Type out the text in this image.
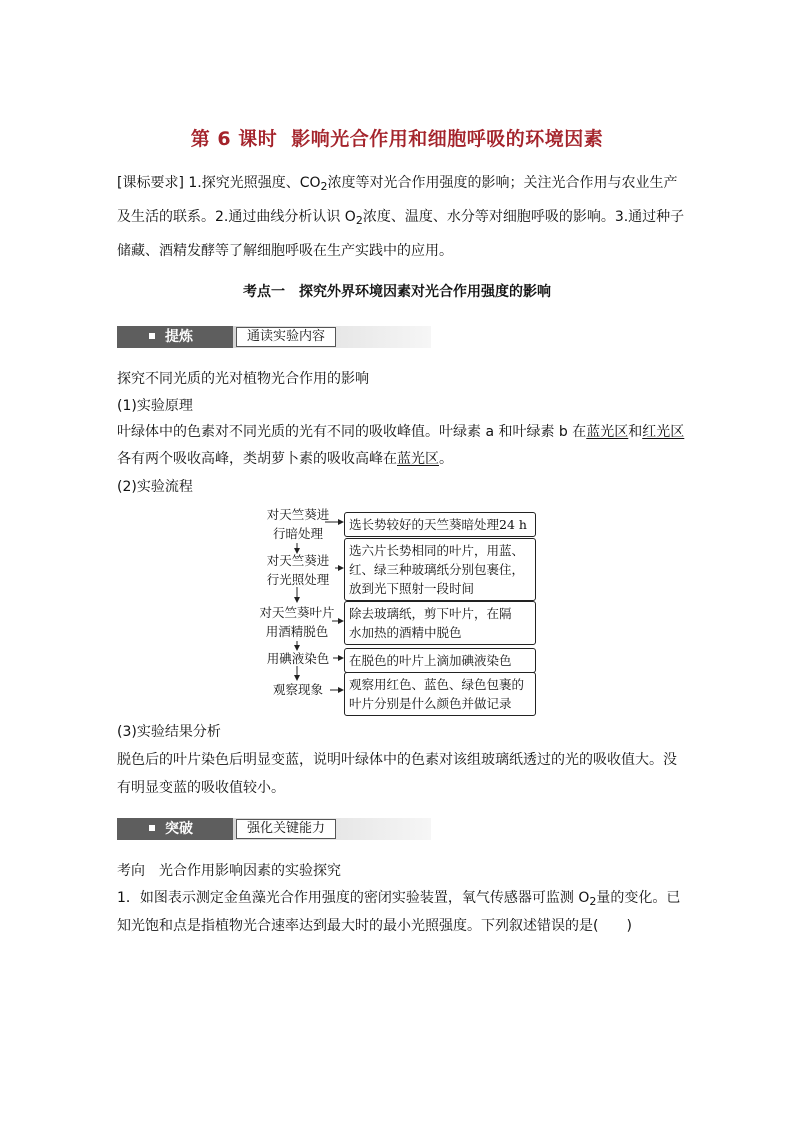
第 6 课时 影响光合作用和细胞呼吸的环境因素
[课标要求] 1.探究光照强度、$CO_2$浓度等对光合作用强度的影响；关注光合作用与农业生产
及生活的联系。2.通过曲线分析认识 $O_2$浓度、温度、水分等对细胞呼吸的影响。3.通过种子
储藏、酒精发酵等了解细胞呼吸在生产实践中的应用。
考点一 探究外界环境因素对光合作用强度的影响
提炼	通读实验内容
探究不同光质的光对植物光合作用的影响
(1)实验原理
叶绿体中的色素对不同光质的光有不同的吸收峰值。叶绿素 a 和叶绿素 b 在蓝光区和红光区
各有两个吸收高峰，类胡萝卜素的吸收高峰在蓝光区。
(2)实验流程
对天竺葵进
行暗处理
对天竺葵进
行光照处理
对天竺葵叶片
用酒精脱色
用碘液染色
观察现象
选长势较好的天竺葵暗处理24 h
选六片长势相同的叶片，用蓝、
红、绿三种玻璃纸分别包裹住，
放到光下照射一段时间
除去玻璃纸，剪下叶片，在隔
水加热的酒精中脱色
在脱色的叶片上滴加碘液染色
观察用红色、蓝色、绿色包裹的
叶片分别是什么颜色并做记录
(3)实验结果分析
脱色后的叶片染色后明显变蓝，说明叶绿体中的色素对该组玻璃纸透过的光的吸收值大。没
有明显变蓝的吸收值较小。
突破	强化关键能力
考向 光合作用影响因素的实验探究
1．如图表示测定金鱼藻光合作用强度的密闭实验装置，氧气传感器可监测 $O_2$量的变化。已
知光饱和点是指植物光合速率达到最大时的最小光照强度。下列叙述错误的是(　　)
